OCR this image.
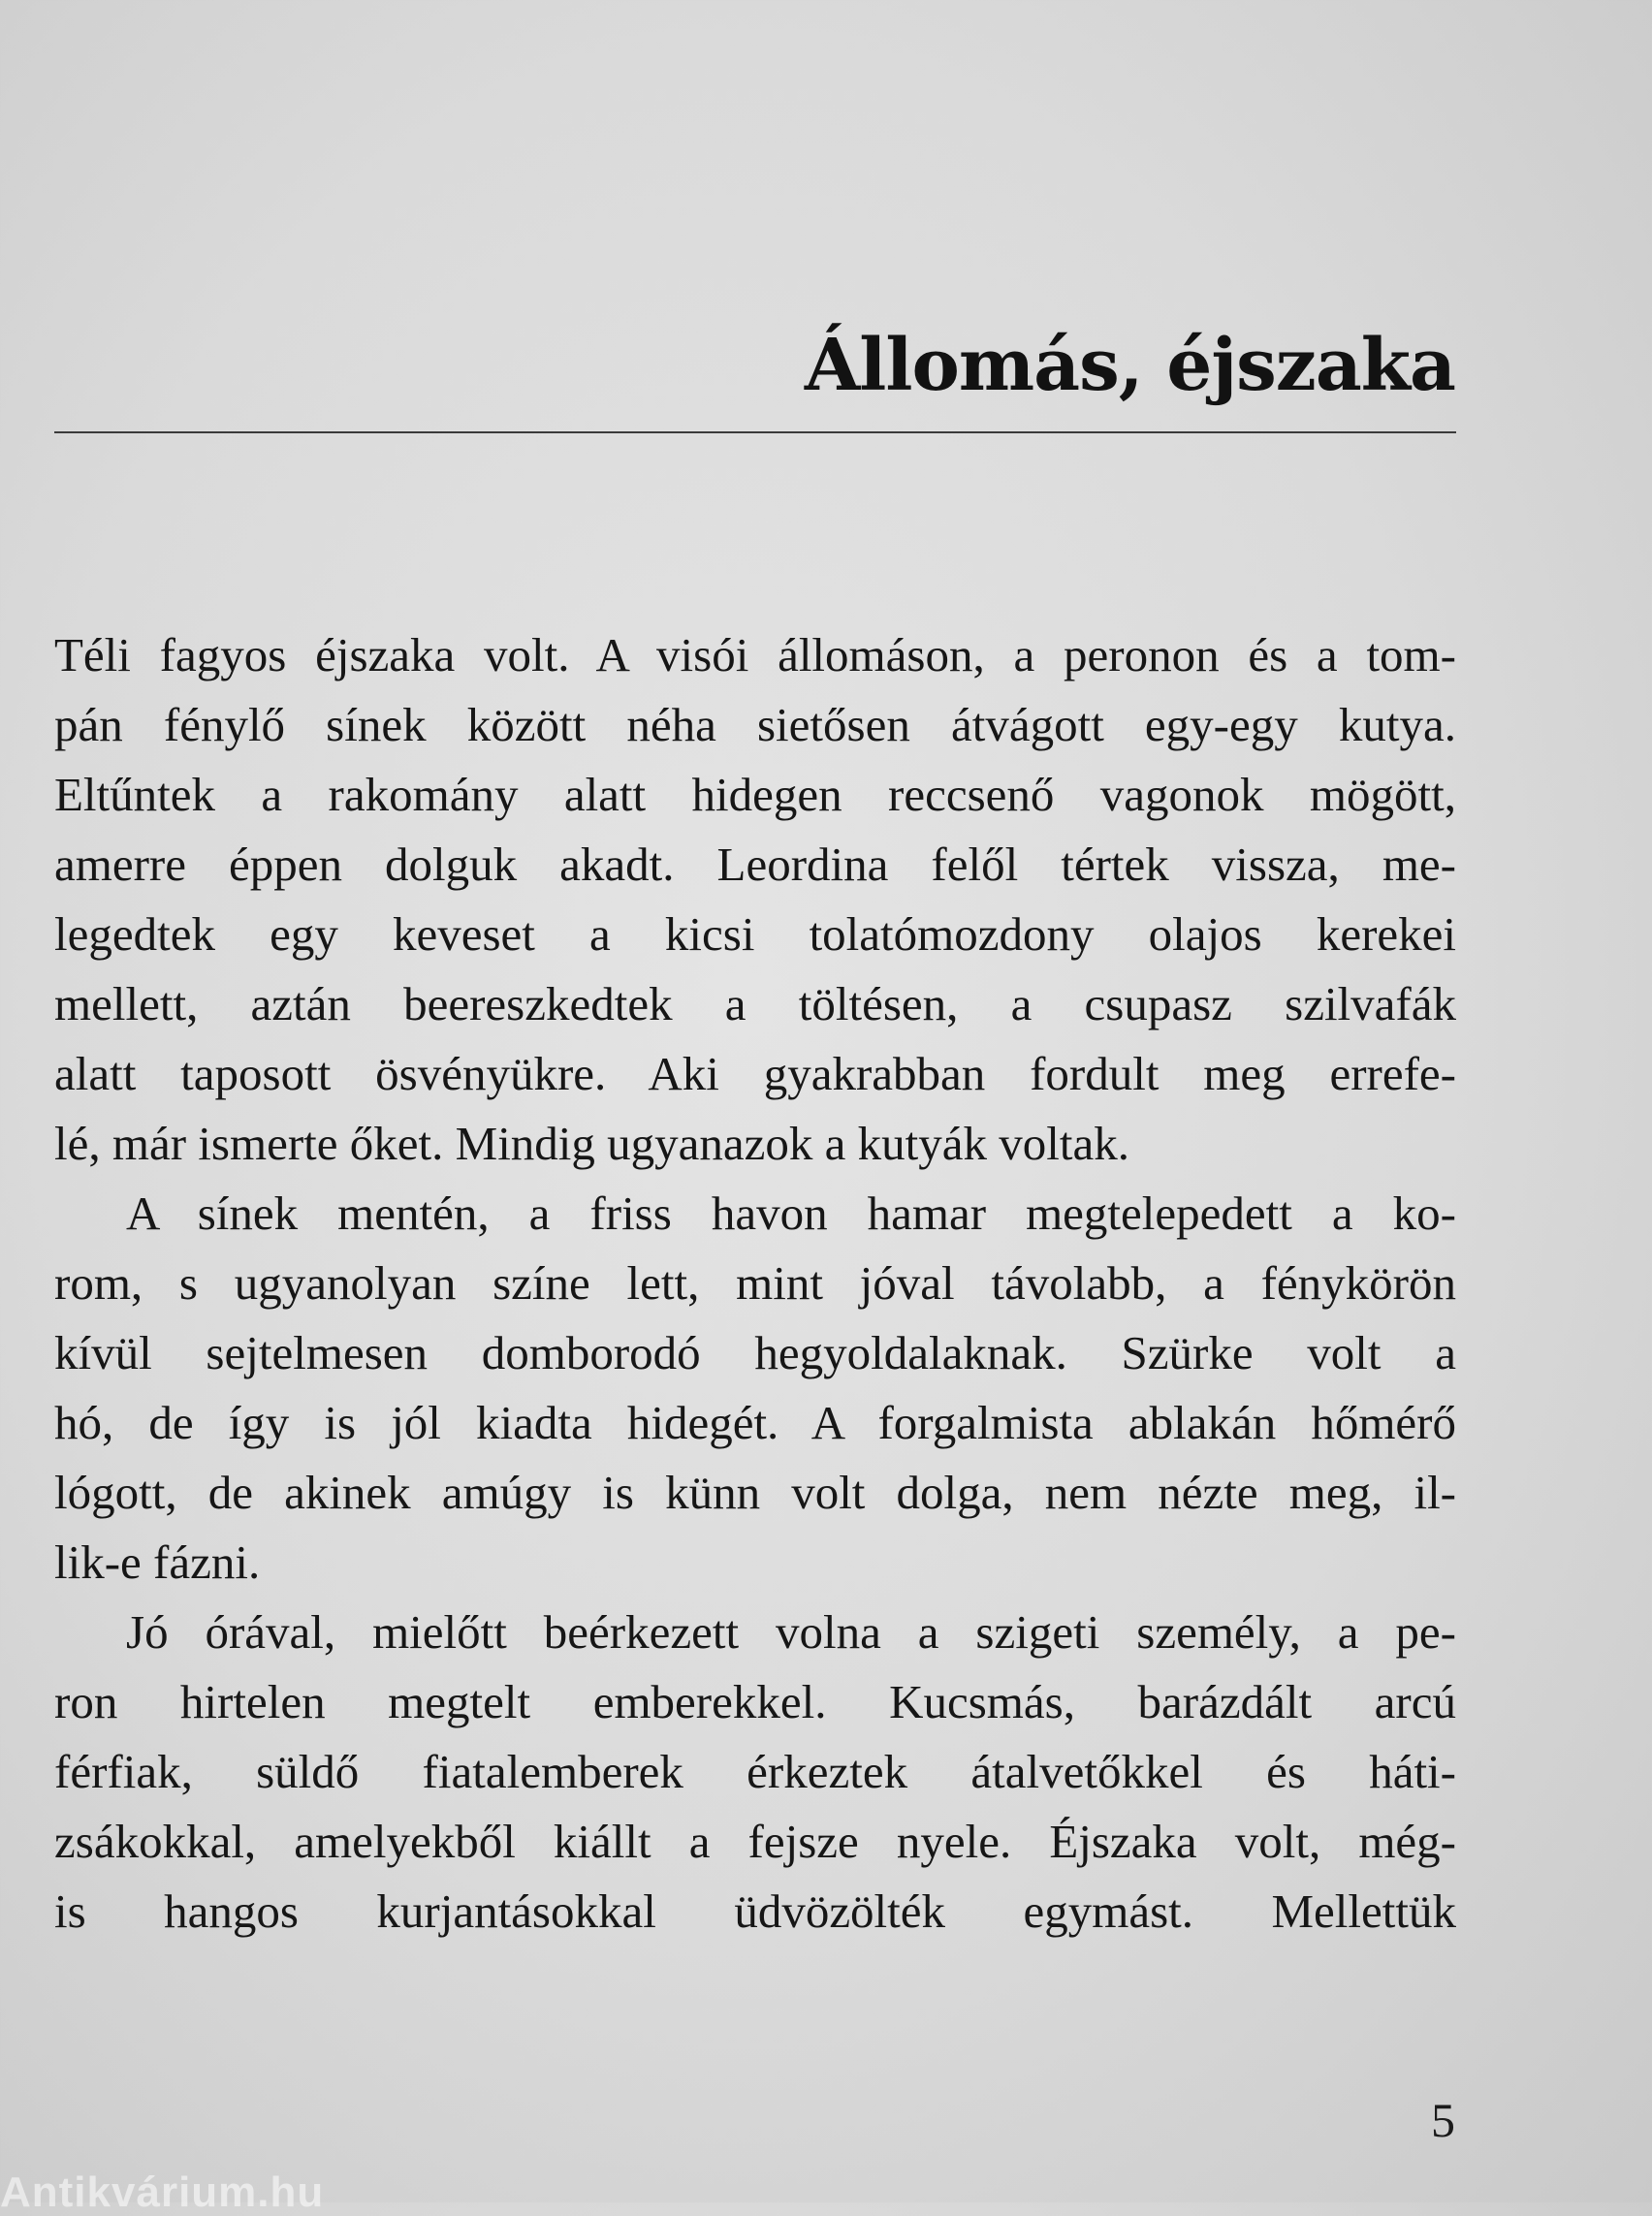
Állomás, éjszaka
Téli fagyos éjszaka volt. A visói állomáson, a peronon és a tom-
pán fénylő sínek között néha sietősen átvágott egy-egy kutya.
Eltűntek a rakomány alatt hidegen reccsenő vagonok mögött,
amerre éppen dolguk akadt. Leordina felől tértek vissza, me-
legedtek egy keveset a kicsi tolatómozdony olajos kerekei
mellett, aztán beereszkedtek a töltésen, a csupasz szilvafák
alatt taposott ösvényükre. Aki gyakrabban fordult meg errefe-
lé, már ismerte őket. Mindig ugyanazok a kutyák voltak.
A sínek mentén, a friss havon hamar megtelepedett a ko-
rom, s ugyanolyan színe lett, mint jóval távolabb, a fénykörön
kívül sejtelmesen domborodó hegyoldalaknak. Szürke volt a
hó, de így is jól kiadta hidegét. A forgalmista ablakán hőmérő
lógott, de akinek amúgy is künn volt dolga, nem nézte meg, il-
lik-e fázni.
Jó órával, mielőtt beérkezett volna a szigeti személy, a pe-
ron hirtelen megtelt emberekkel. Kucsmás, barázdált arcú
férfiak, süldő fiatalemberek érkeztek átalvetőkkel és háti-
zsákokkal, amelyekből kiállt a fejsze nyele. Éjszaka volt, még-
is hangos kurjantásokkal üdvözölték egymást. Mellettük
5
Antikvárium.hu
